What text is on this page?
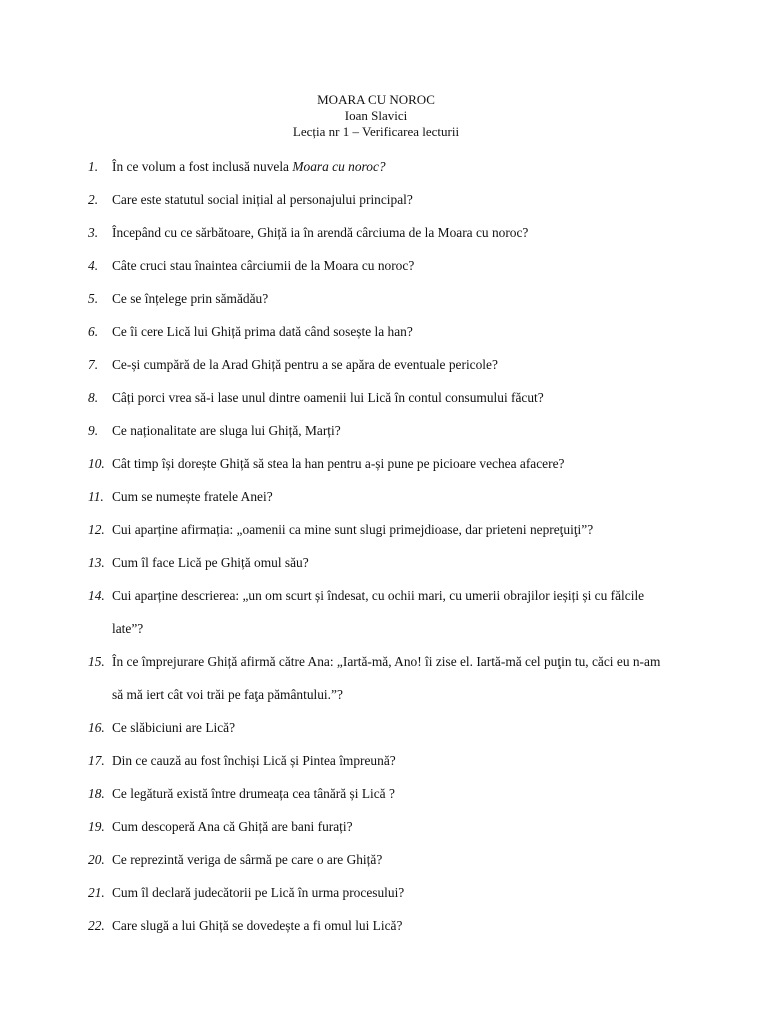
MOARA CU NOROC
Ioan Slavici
Lecția nr 1 – Verificarea lecturii
1. În ce volum a fost inclusă nuvela Moara cu noroc?
2. Care este statutul social inițial al personajului principal?
3. Începând cu ce sărbătoare, Ghiță ia în arendă cârciuma de la Moara cu noroc?
4. Câte cruci stau înaintea cârciumii de la Moara cu noroc?
5. Ce se înțelege prin sămădău?
6. Ce îi cere Lică lui Ghiță prima dată când sosește la han?
7. Ce-și cumpără de la Arad Ghiță pentru a se apăra de eventuale pericole?
8. Câți porci vrea să-i lase unul dintre oamenii lui Lică în contul consumului făcut?
9. Ce naționalitate are sluga lui Ghiță, Marți?
10. Cât timp își dorește Ghiță să stea la han pentru a-și pune pe picioare vechea afacere?
11. Cum se numește fratele Anei?
12. Cui aparține afirmația: „oamenii ca mine sunt slugi primejdioase, dar prieteni nepreţuiţi”?
13. Cum îl face Lică pe Ghiță omul său?
14. Cui aparține descrierea: „un om scurt și îndesat, cu ochii mari, cu umerii obrajilor ieșiți și cu fălcile late”?
15. În ce împrejurare Ghiță afirmă către Ana: „Iartă-mă, Ano! îi zise el. Iartă-mă cel puţin tu, căci eu n-am să mă iert cât voi trăi pe faţa pământului.”?
16. Ce slăbiciuni are Lică?
17. Din ce cauză au fost închiși Lică și Pintea împreună?
18. Ce legătură există între drumeața cea tânără și Lică ?
19. Cum descoperă Ana că Ghiță are bani furați?
20. Ce reprezintă veriga de sârmă pe care o are Ghiță?
21. Cum îl declară judecătorii pe Lică în urma procesului?
22. Care slugă a lui Ghiță se dovedește a fi omul lui Lică?
